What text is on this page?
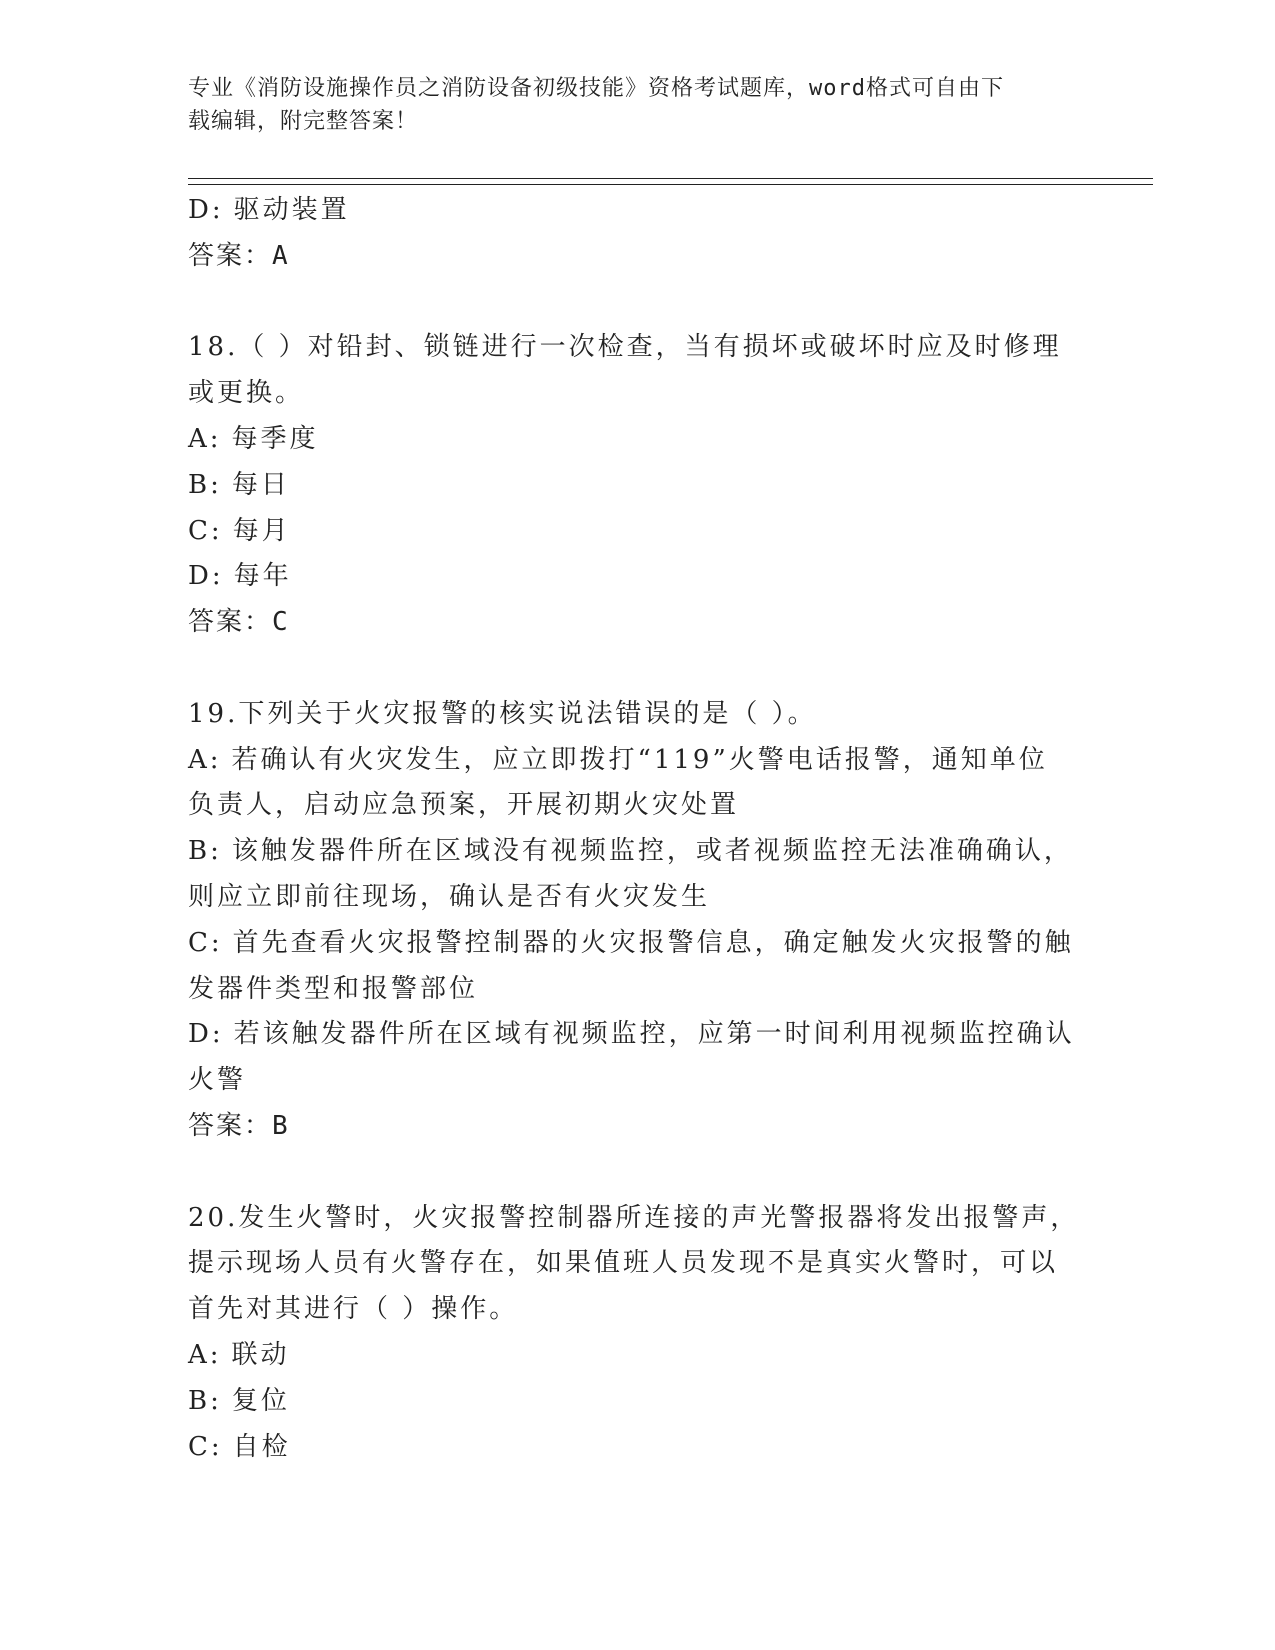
专业《消防设施操作员之消防设备初级技能》资格考试题库，word格式可自由下
载编辑，附完整答案！
D: 驱动装置
答案：A
18.（ ）对铅封、锁链进行一次检查，当有损坏或破坏时应及时修理
或更换。
A: 每季度
B: 每日
C: 每月
D: 每年
答案：C
19.下列关于火灾报警的核实说法错误的是（ ）。
A: 若确认有火灾发生，应立即拨打“119”火警电话报警，通知单位
负责人，启动应急预案，开展初期火灾处置
B: 该触发器件所在区域没有视频监控，或者视频监控无法准确确认，
则应立即前往现场，确认是否有火灾发生
C: 首先查看火灾报警控制器的火灾报警信息，确定触发火灾报警的触
发器件类型和报警部位
D: 若该触发器件所在区域有视频监控，应第一时间利用视频监控确认
火警
答案：B
20.发生火警时，火灾报警控制器所连接的声光警报器将发出报警声，
提示现场人员有火警存在，如果值班人员发现不是真实火警时，可以
首先对其进行（ ）操作。
A: 联动
B: 复位
C: 自检
